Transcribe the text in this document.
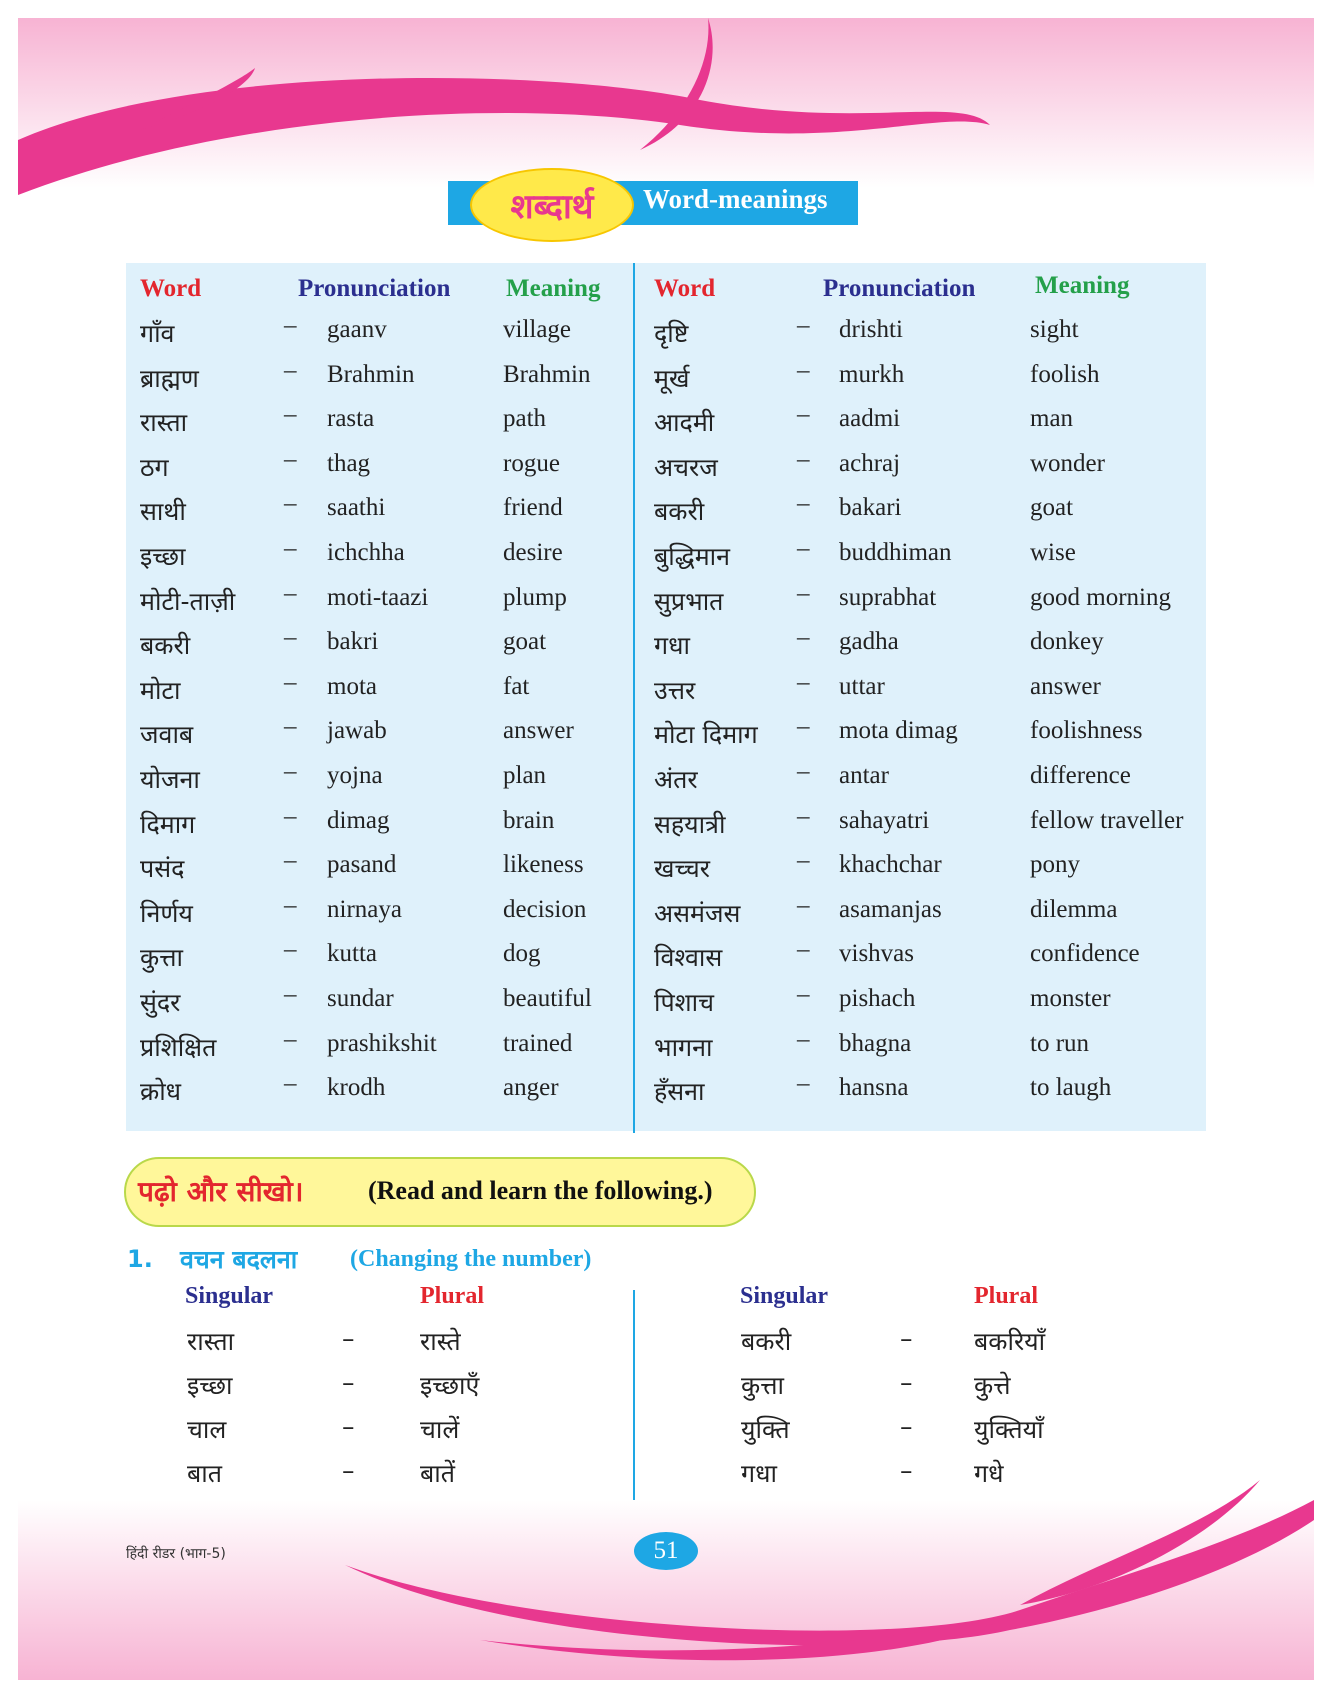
शब्दार्थ Word-meanings
Word	Pronunciation Meaning Word	Pronunciation Meaning
गाँव	– gaanv	village
ब्राह्मण	– Brahmin	Brahmin
रास्ता	– rasta	path
ठग	– thag	rogue
साथी	– saathi	friend
इच्छा	– ichchha	desire
मोटी-ताज़ी – moti-taazi	plump
बकरी	– bakri	goat
मोटा	– mota	fat
जवाब	– jawab	answer
योजना	– yojna	plan
दिमाग	– dimag	brain
पसंद	– pasand	likeness
निर्णय	– nirnaya	decision
कुत्ता	– kutta	dog
सुंदर	– sundar	beautiful
प्रशिक्षित	– prashikshit	trained
क्रोध	– krodh	anger
दृष्टि	– drishti	sight
मूर्ख	– murkh	foolish
आदमी	– aadmi	man
अचरज	– achraj	wonder
बकरी	– bakari	goat
बुद्धिमान	– buddhiman	wise
सुप्रभात	– suprabhat	good morning
गधा	– gadha	donkey
उत्तर	– uttar	answer
मोटा दिमाग – mota dimag	foolishness
अंतर	– antar	difference
सहयात्री	– sahayatri	fellow traveller
खच्चर	– khachchar	pony
असमंजस – asamanjas	dilemma
विश्वास	– vishvas	confidence
पिशाच	– pishach	monster
भागना	– bhagna	to run
हँसना	– hansna	to laugh
पढ़ो और सीखो। (Read and learn the following.)
1. वचन बदलना (Changing the number)
Singular	Plural	Singular	Plural
रास्ता	–	रास्ते
इच्छा	–	इच्छाएँ
चाल	–	चालें
बात	–	बातें
बकरी	– बकरियाँ
कुत्ता	– कुत्ते
युक्ति	– युक्तियाँ
गधा	– गधे
हिंदी रीडर (भाग-5)	51
